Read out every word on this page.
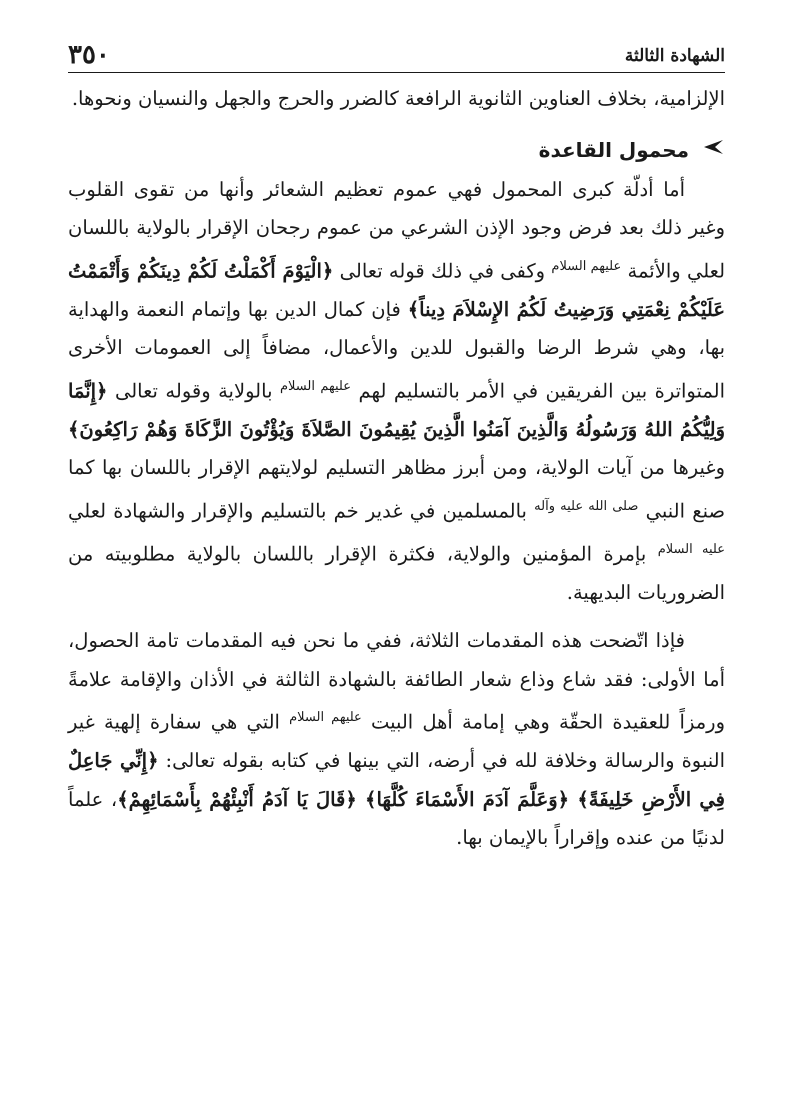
الشهادة الثالثة
٣٥٠

الإلزامية، بخلاف العناوين الثانوية الرافعة كالضرر والحرج والجهل والنسيان ونحوها.

محمول القاعدة

أما أدلّة كبرى المحمول فهي عموم تعظيم الشعائر وأنها من تقوى القلوب وغير ذلك بعد فرض وجود الإذن الشرعي من عموم رجحان الإقرار بالولاية باللسان لعلي والأئمة $^{عليهم السلام}$ وكفى في ذلك قوله تعالى ﴿الْيَوْمَ أَكْمَلْتُ لَكُمْ دِينَكُمْ وَأَتْمَمْتُ عَلَيْكُمْ نِعْمَتِي وَرَضِيتُ لَكُمُ الإِسْلاَمَ دِيناً﴾ فإن كمال الدين بها وإتمام النعمة والهداية بها، وهي شرط الرضا والقبول للدين والأعمال، مضافاً إلى العمومات الأخرى المتواترة بين الفريقين في الأمر بالتسليم لهم $^{عليهم السلام}$ بالولاية وقوله تعالى ﴿إِنَّمَا وَلِيُّكُمُ اللهُ وَرَسُولُهُ وَالَّذِينَ آمَنُوا الَّذِينَ يُقِيمُونَ الصَّلاَةَ وَيُؤْتُونَ الزَّكَاةَ وَهُمْ رَاكِعُونَ﴾ وغيرها من آيات الولاية، ومن أبرز مظاهر التسليم لولايتهم الإقرار باللسان بها كما صنع النبي $^{صلى الله عليه وآله}$ بالمسلمين في غدير خم بالتسليم والإقرار والشهادة لعلي $^{عليه السلام}$ بإمرة المؤمنين والولاية، فكثرة الإقرار باللسان بالولاية مطلوبيته من الضروريات البديهية.

فإذا اتّضحت هذه المقدمات الثلاثة، ففي ما نحن فيه المقدمات تامة الحصول، أما الأولى: فقد شاع وذاع شعار الطائفة بالشهادة الثالثة في الأذان والإقامة علامةً ورمزاً للعقيدة الحقّة وهي إمامة أهل البيت $^{عليهم السلام}$ التي هي سفارة إلهية غير النبوة والرسالة وخلافة لله في أرضه، التي بينها في كتابه بقوله تعالى: ﴿إِنِّي جَاعِلٌ فِي الأَرْضِ خَلِيفَةً﴾ ﴿وَعَلَّمَ آدَمَ الأَسْمَاءَ كُلَّهَا﴾ ﴿قَالَ يَا آدَمُ أَنْبِئْهُمْ بِأَسْمَائِهِمْ﴾، علماً لدنيًا من عنده وإقراراً بالإيمان بها.
